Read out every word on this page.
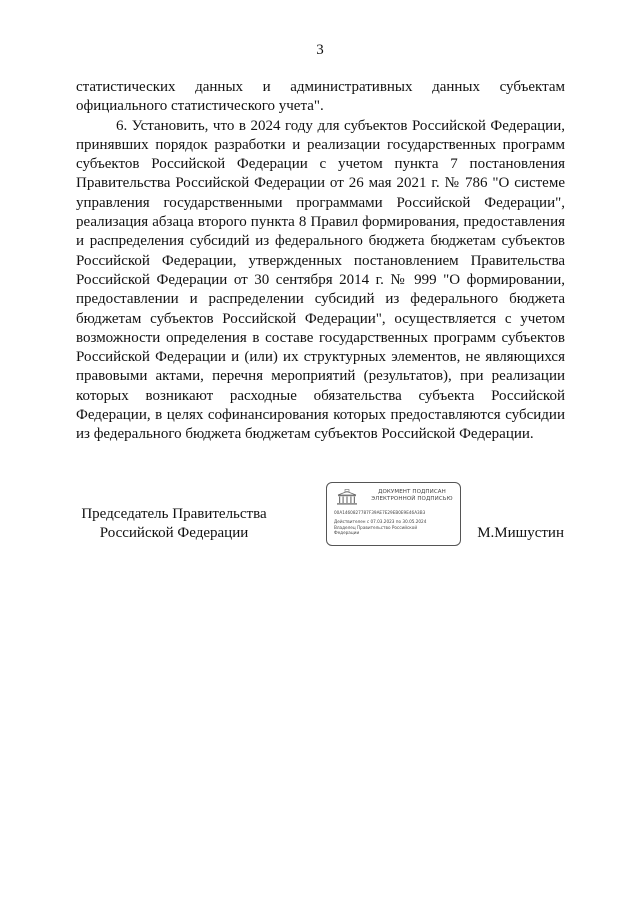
3

статистических данных и административных данных субъектам официального статистического учета".

6. Установить, что в 2024 году для субъектов Российской Федерации, принявших порядок разработки и реализации государственных программ субъектов Российской Федерации с учетом пункта 7 постановления Правительства Российской Федерации от 26 мая 2021 г. № 786 "О системе управления государственными программами Российской Федерации", реализация абзаца второго пункта 8 Правил формирования, предоставления и распределения субсидий из федерального бюджета бюджетам субъектов Российской Федерации, утвержденных постановлением Правительства Российской Федерации от 30 сентября 2014 г. № 999 "О формировании, предоставлении и распределении субсидий из федерального бюджета бюджетам субъектов Российской Федерации", осуществляется с учетом возможности определения в составе государственных программ субъектов Российской Федерации и (или) их структурных элементов, не являющихся правовыми актами, перечня мероприятий (результатов), при реализации которых возникают расходные обязательства субъекта Российской Федерации, в целях софинансирования которых предоставляются субсидии из федерального бюджета бюджетам субъектов Российской Федерации.

Председатель Правительства
Российской Федерации
ДОКУМЕНТ ПОДПИСАН
ЭЛЕКТРОННОЙ ПОДПИСЬЮ
00A1460827787F39AE7E29EB0E9E46A3B3
Действителен с 07.03.2023 по 30.05.2024
Владелец Правительство Российской
Федерации	М.Мишустин
